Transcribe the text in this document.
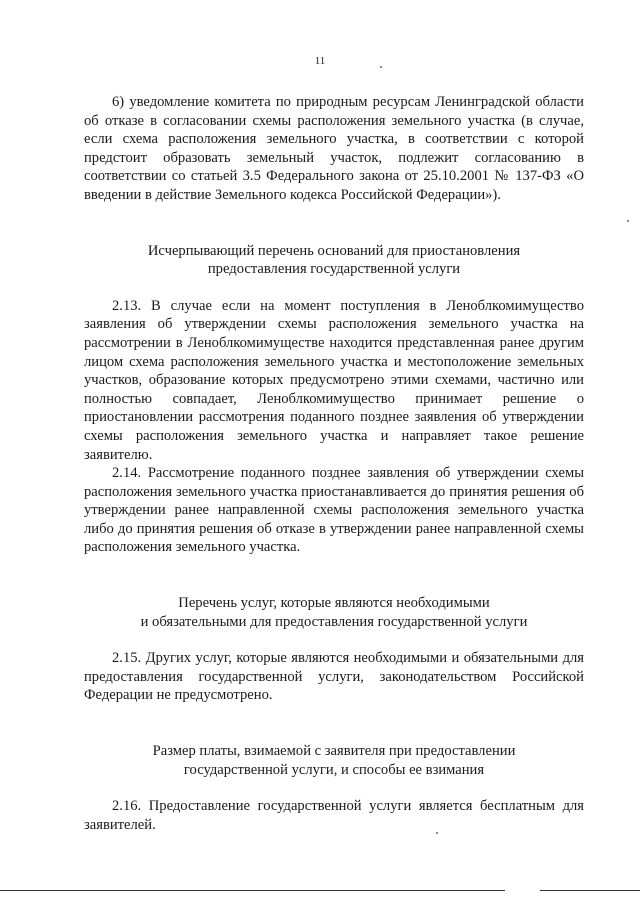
11

6) уведомление комитета по природным ресурсам Ленинградской области об отказе в согласовании схемы расположения земельного участка (в случае, если схема расположения земельного участка, в соответствии с которой предстоит образовать земельный участок, подлежит согласованию в соответствии со статьей 3.5 Федерального закона от 25.10.2001 № 137-ФЗ «О введении в действие Земельного кодекса Российской Федерации»).

Исчерпывающий перечень оснований для приостановления
предоставления государственной услуги

2.13. В случае если на момент поступления в Леноблкомимущество заявления об утверждении схемы расположения земельного участка на рассмотрении в Леноблкомимуществе находится представленная ранее другим лицом схема расположения земельного участка и местоположение земельных участков, образование которых предусмотрено этими схемами, частично или полностью совпадает, Леноблкомимущество принимает решение о приостановлении рассмотрения поданного позднее заявления об утверждении схемы расположения земельного участка и направляет такое решение заявителю.

2.14. Рассмотрение поданного позднее заявления об утверждении схемы расположения земельного участка приостанавливается до принятия решения об утверждении ранее направленной схемы расположения земельного участка либо до принятия решения об отказе в утверждении ранее направленной схемы расположения земельного участка.

Перечень услуг, которые являются необходимыми
и обязательными для предоставления государственной услуги

2.15. Других услуг, которые являются необходимыми и обязательными для предоставления государственной услуги, законодательством Российской Федерации не предусмотрено.

Размер платы, взимаемой с заявителя при предоставлении
государственной услуги, и способы ее взимания

2.16. Предоставление государственной услуги является бесплатным для заявителей.
